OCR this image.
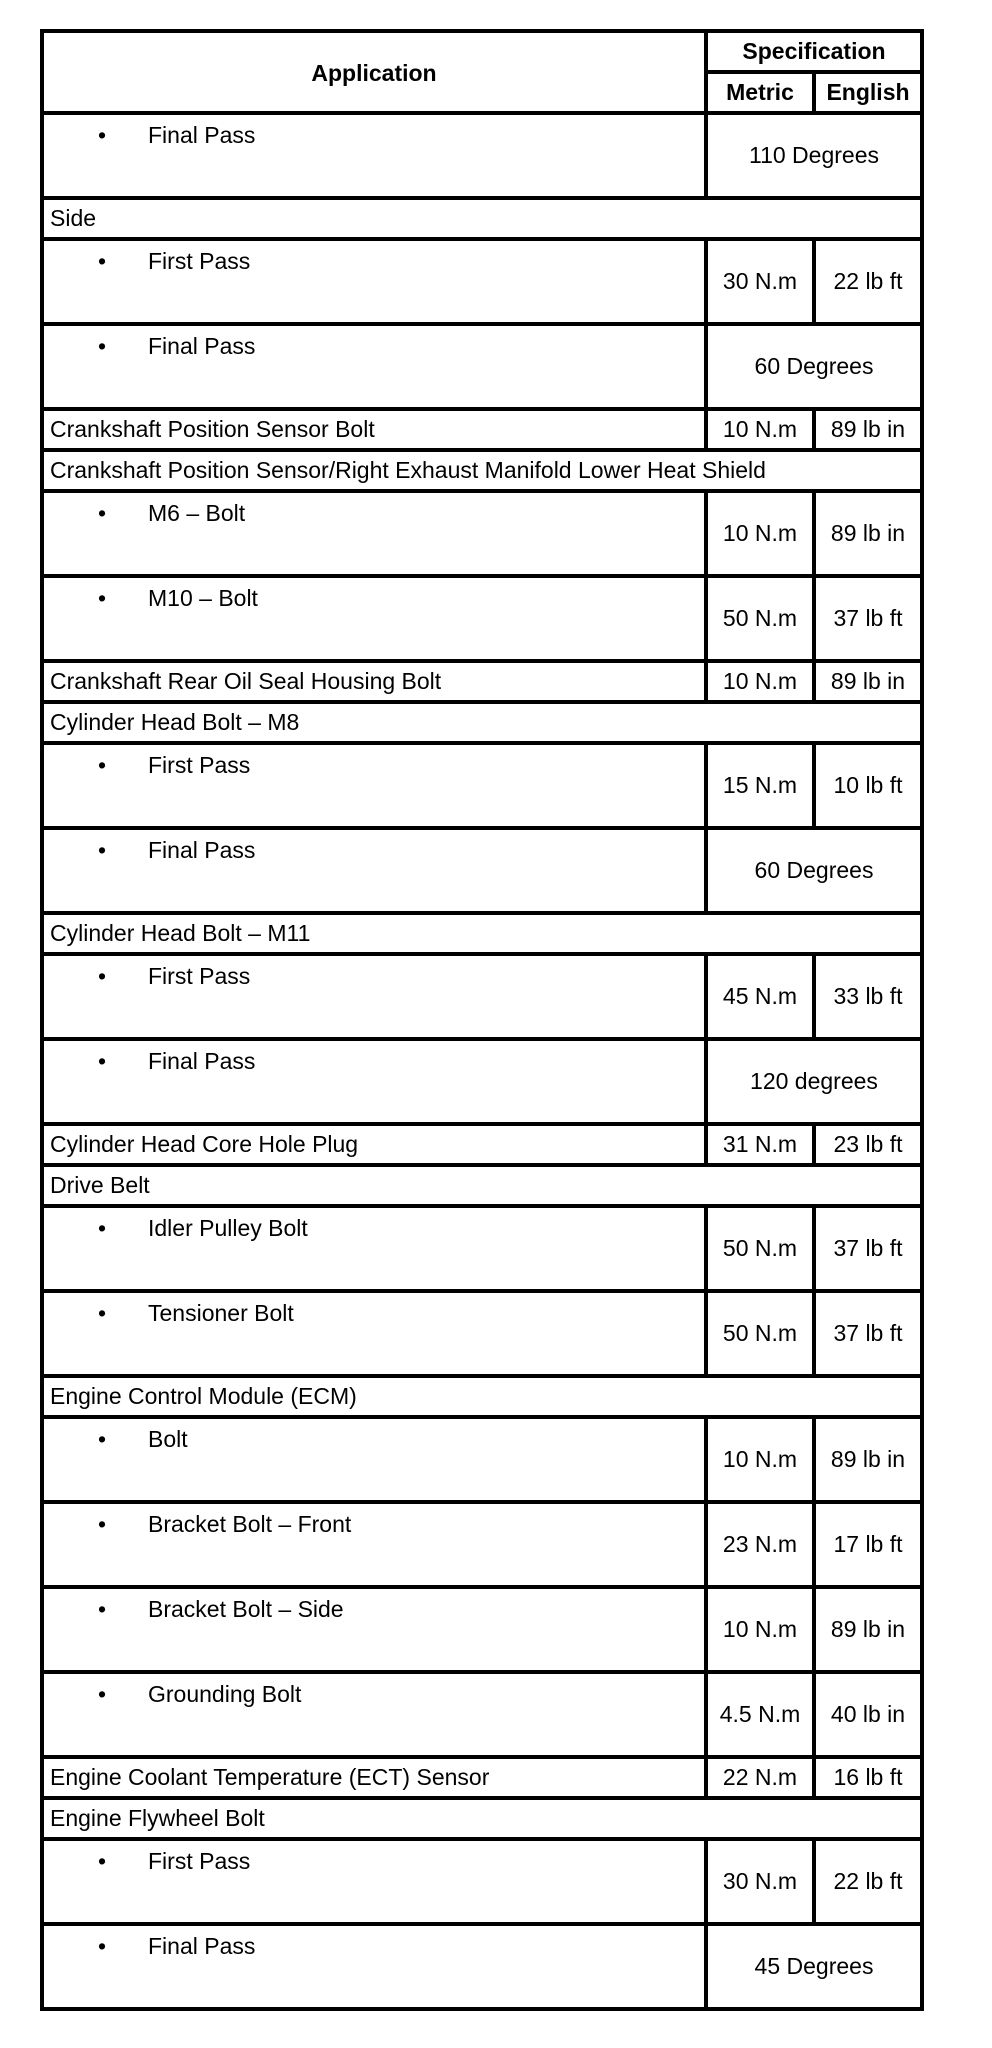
Application	Specification	
	Metric	English

• Final Pass	110 Degrees	
Side		

• First Pass	30 N.m	22 lb ft

• Final Pass	60 Degrees	
Crankshaft Position Sensor Bolt	10 N.m	89 lb in
Crankshaft Position Sensor/Right Exhaust Manifold Lower Heat Shield		

• M6 – Bolt	10 N.m	89 lb in

• M10 – Bolt	50 N.m	37 lb ft
Crankshaft Rear Oil Seal Housing Bolt	10 N.m	89 lb in
Cylinder Head Bolt – M8		

• First Pass	15 N.m	10 lb ft

• Final Pass	60 Degrees	
Cylinder Head Bolt – M11		

• First Pass	45 N.m	33 lb ft

• Final Pass	120 degrees	
Cylinder Head Core Hole Plug	31 N.m	23 lb ft
Drive Belt		

• Idler Pulley Bolt	50 N.m	37 lb ft

• Tensioner Bolt	50 N.m	37 lb ft
Engine Control Module (ECM)		

• Bolt	10 N.m	89 lb in

• Bracket Bolt – Front	23 N.m	17 lb ft

• Bracket Bolt – Side	10 N.m	89 lb in

• Grounding Bolt	4.5 N.m	40 lb in
Engine Coolant Temperature (ECT) Sensor	22 N.m	16 lb ft
Engine Flywheel Bolt		

• First Pass	30 N.m	22 lb ft

• Final Pass	45 Degrees	
